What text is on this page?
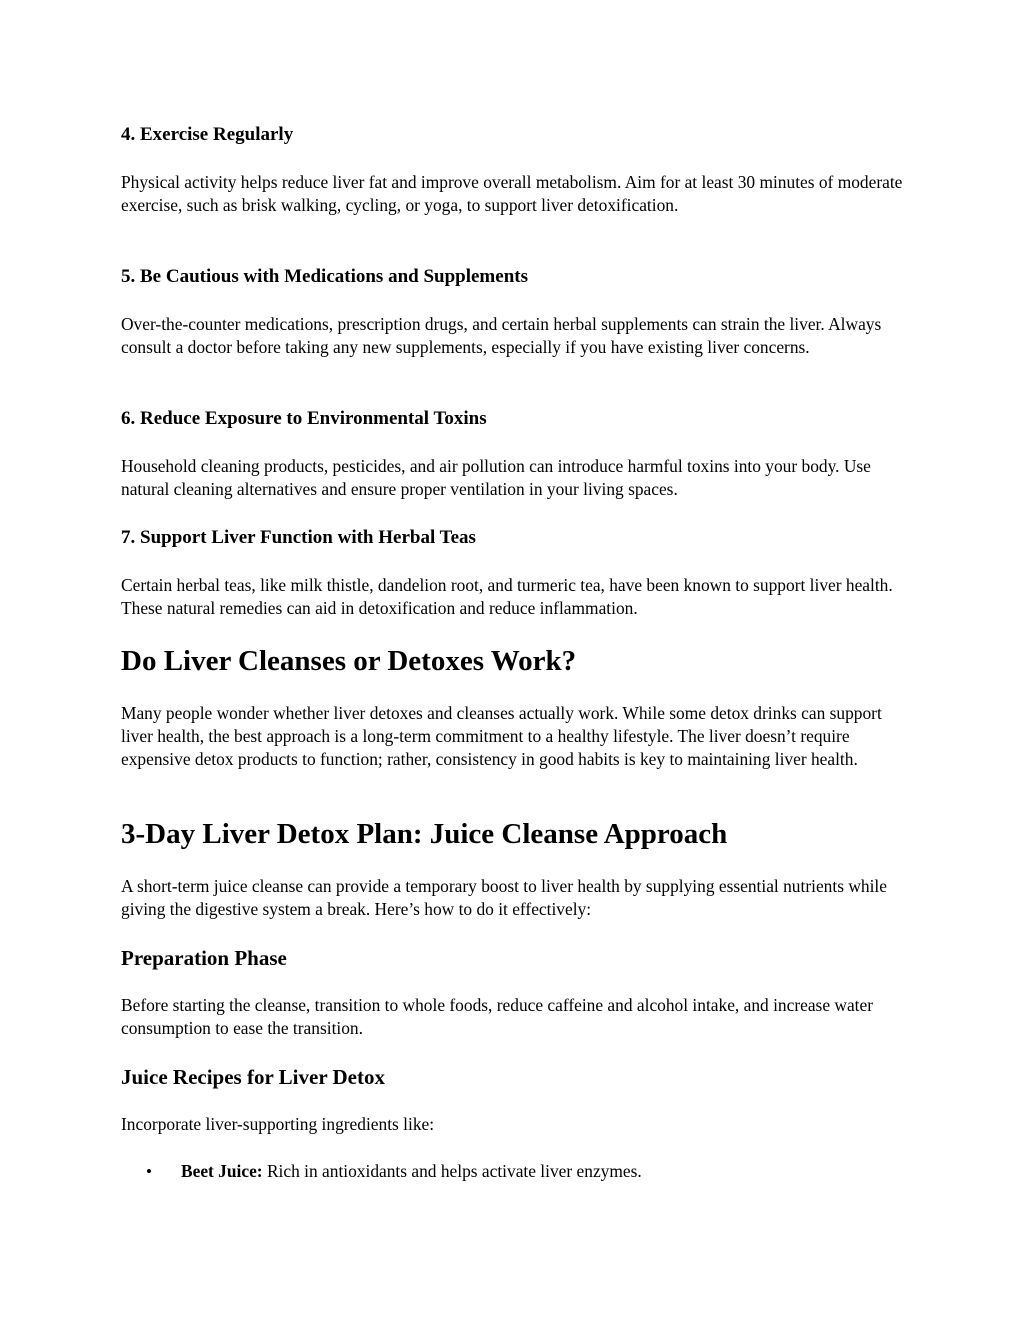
4. Exercise Regularly

Physical activity helps reduce liver fat and improve overall metabolism. Aim for at least 30 minutes of moderate exercise, such as brisk walking, cycling, or yoga, to support liver detoxification.

5. Be Cautious with Medications and Supplements

Over-the-counter medications, prescription drugs, and certain herbal supplements can strain the liver. Always consult a doctor before taking any new supplements, especially if you have existing liver concerns.

6. Reduce Exposure to Environmental Toxins

Household cleaning products, pesticides, and air pollution can introduce harmful toxins into your body. Use natural cleaning alternatives and ensure proper ventilation in your living spaces.

7. Support Liver Function with Herbal Teas

Certain herbal teas, like milk thistle, dandelion root, and turmeric tea, have been known to support liver health. These natural remedies can aid in detoxification and reduce inflammation.

Do Liver Cleanses or Detoxes Work?

Many people wonder whether liver detoxes and cleanses actually work. While some detox drinks can support liver health, the best approach is a long-term commitment to a healthy lifestyle. The liver doesn’t require expensive detox products to function; rather, consistency in good habits is key to maintaining liver health.

3-Day Liver Detox Plan: Juice Cleanse Approach

A short-term juice cleanse can provide a temporary boost to liver health by supplying essential nutrients while giving the digestive system a break. Here’s how to do it effectively:

Preparation Phase

Before starting the cleanse, transition to whole foods, reduce caffeine and alcohol intake, and increase water consumption to ease the transition.

Juice Recipes for Liver Detox

Incorporate liver-supporting ingredients like:

• Beet Juice: Rich in antioxidants and helps activate liver enzymes.
